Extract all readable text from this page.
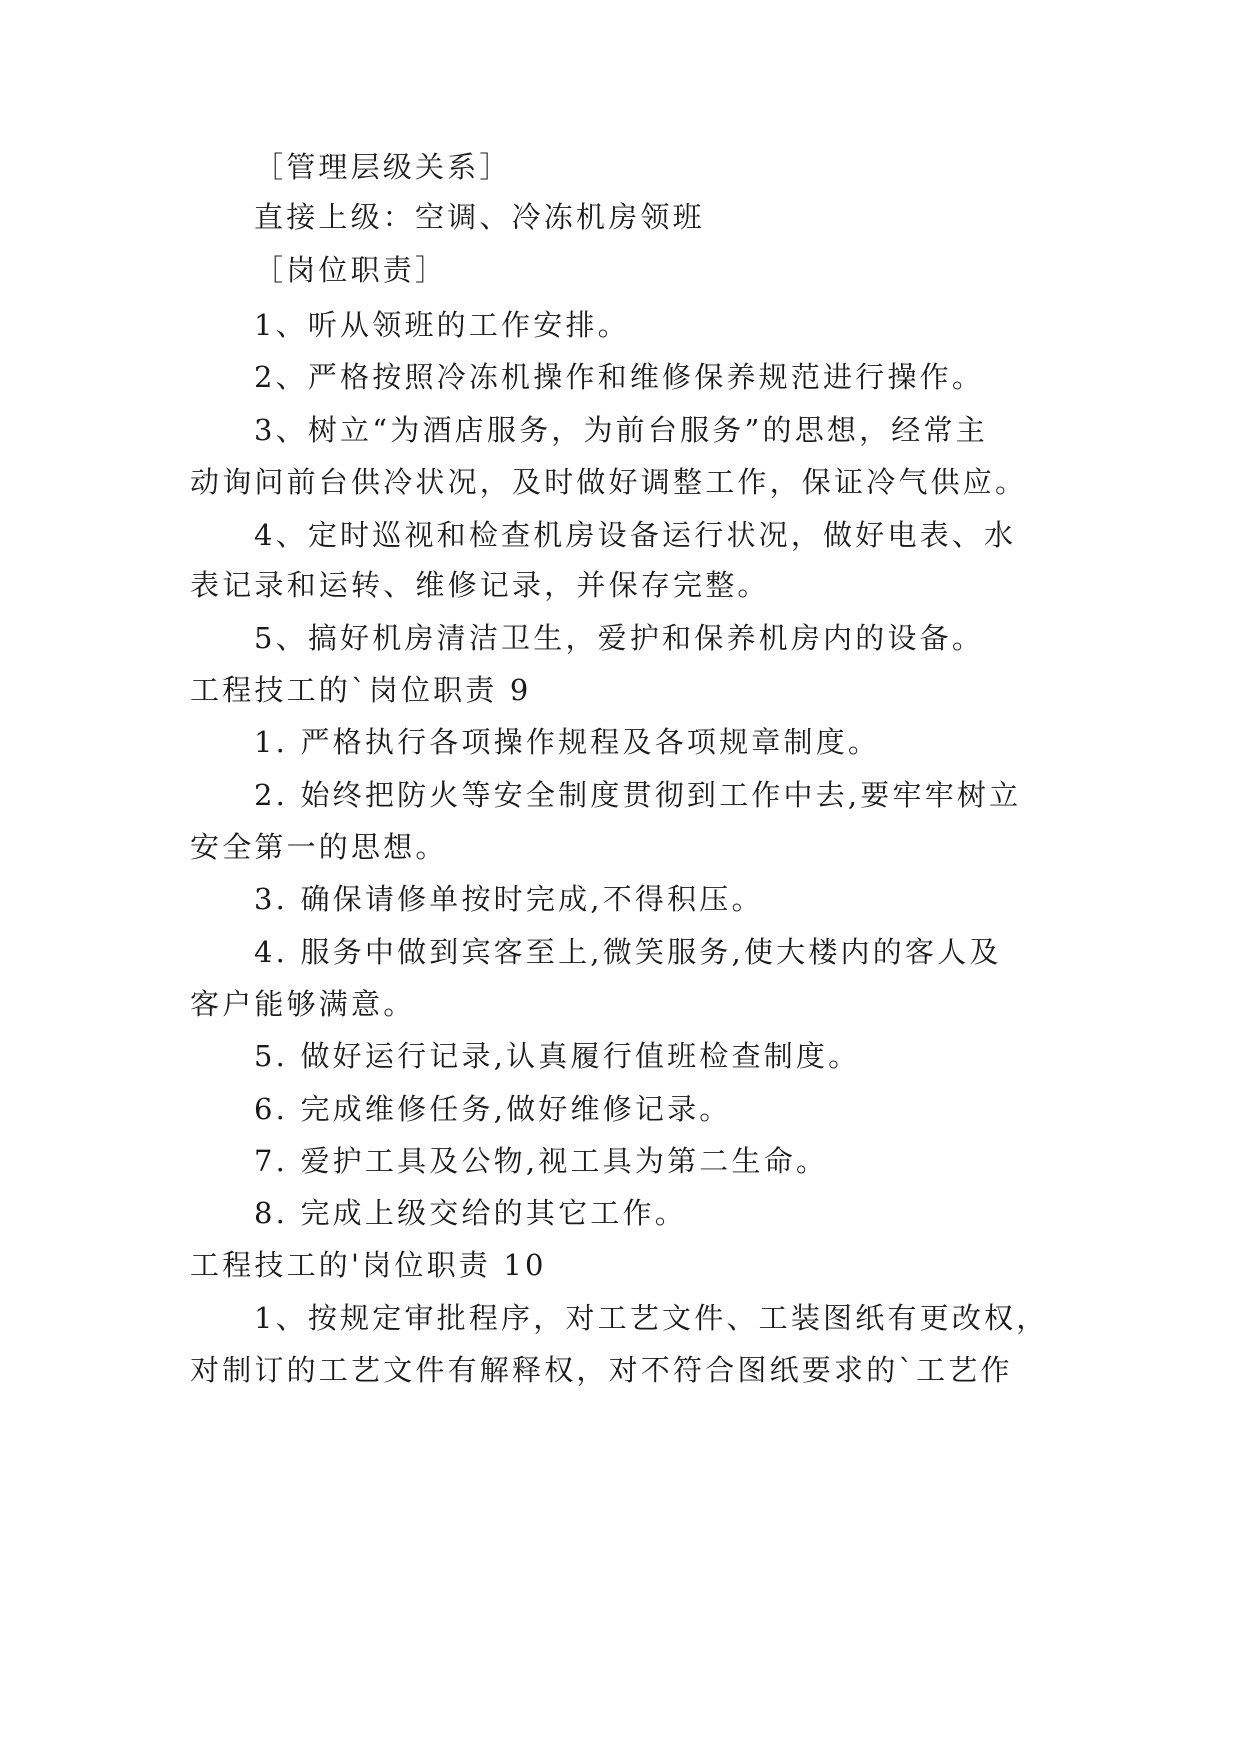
［管理层级关系］

直接上级：空调、冷冻机房领班

［岗位职责］

1、听从领班的工作安排。

2、严格按照冷冻机操作和维修保养规范进行操作。

3、树立“为酒店服务，为前台服务”的思想，经常主

动询问前台供冷状况，及时做好调整工作，保证冷气供应。

4、定时巡视和检查机房设备运行状况，做好电表、水

表记录和运转、维修记录，并保存完整。

5、搞好机房清洁卫生，爱护和保养机房内的设备。

工程技工的`岗位职责 9

1. 严格执行各项操作规程及各项规章制度。

2. 始终把防火等安全制度贯彻到工作中去,要牢牢树立

安全第一的思想。

3. 确保请修单按时完成,不得积压。

4. 服务中做到宾客至上,微笑服务,使大楼内的客人及

客户能够满意。

5. 做好运行记录,认真履行值班检查制度。

6. 完成维修任务,做好维修记录。

7. 爱护工具及公物,视工具为第二生命。

8. 完成上级交给的其它工作。

工程技工的'岗位职责 10

1、按规定审批程序，对工艺文件、工装图纸有更改权，

对制订的工艺文件有解释权，对不符合图纸要求的`工艺作
